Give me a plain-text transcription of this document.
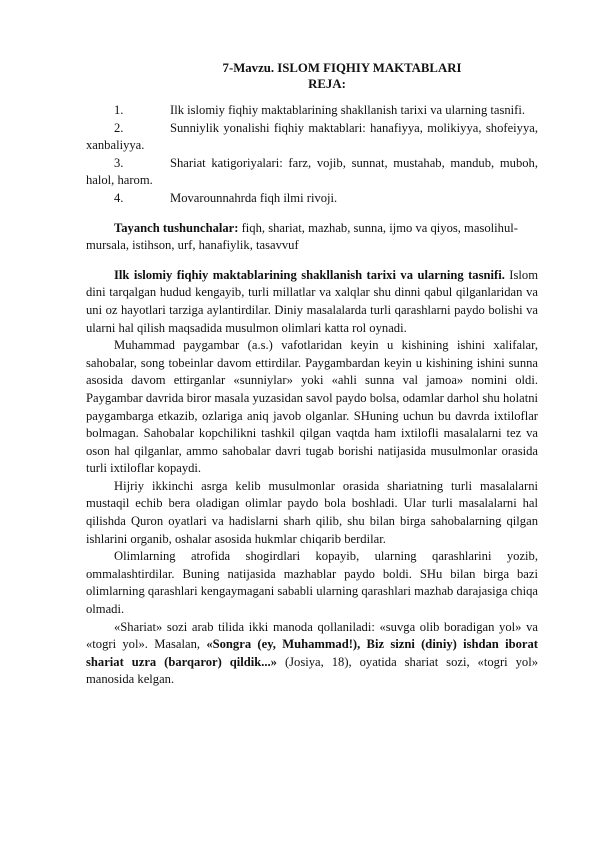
7-Mavzu. ISLOM FIQHIY MAKTABLARI
REJA:
1.	Ilk islomiy fiqhiy maktablarining shakllanish tarixi va ularning tasnifi.
2.	Sunniylik yonalishi fiqhiy maktablari: hanafiyya, molikiyya, shofeiyya, xanbaliyya.
3.	Shariat katigoriyalari: farz, vojib, sunnat, mustahab, mandub, muboh, halol, harom.
4.	Movarounnahrda fiqh ilmi rivoji.

Tayanch tushunchalar: fiqh, shariat, mazhab, sunna, ijmo va qiyos, masolihul-mursala, istihson, urf, hanafiylik, tasavvuf

Ilk islomiy fiqhiy maktablarining shakllanish tarixi va ularning tasnifi. Islom dini tarqalgan hudud kengayib, turli millatlar va xalqlar shu dinni qabul qilganlaridan va uni oz hayotlari tarziga aylantirdilar. Diniy masalalarda turli qarashlarni paydo bolishi va ularni hal qilish maqsadida musulmon olimlari katta rol oynadi.

Muhammad paygambar (a.s.) vafotlaridan keyin u kishining ishini xalifalar, sahobalar, song tobeinlar davom ettirdilar. Paygambardan keyin u kishining ishini sunna asosida davom ettirganlar «sunniylar» yoki «ahli sunna val jamoa» nomini oldi. Paygambar davrida biror masala yuzasidan savol paydo bolsa, odamlar darhol shu holatni paygambarga etkazib, ozlariga aniq javob olganlar. SHuning uchun bu davrda ixtiloflar bolmagan. Sahobalar kopchilikni tashkil qilgan vaqtda ham ixtilofli masalalarni tez va oson hal qilganlar, ammo sahobalar davri tugab borishi natijasida musulmonlar orasida turli ixtiloflar kopaydi.

Hijriy ikkinchi asrga kelib musulmonlar orasida shariatning turli masalalarni mustaqil echib bera oladigan olimlar paydo bola boshladi. Ular turli masalalarni hal qilishda Quron oyatlari va hadislarni sharh qilib, shu bilan birga sahobalarning qilgan ishlarini organib, oshalar asosida hukmlar chiqarib berdilar.

Olimlarning atrofida shogirdlari kopayib, ularning qarashlarini yozib, ommalashtirdilar. Buning natijasida mazhablar paydo boldi. SHu bilan birga bazi olimlarning qarashlari kengaymagani sababli ularning qarashlari mazhab darajasiga chiqa olmadi.

«Shariat» sozi arab tilida ikki manoda qollaniladi: «suvga olib boradigan yol» va «togri yol». Masalan, «Songra (ey, Muhammad!), Biz sizni (diniy) ishdan iborat shariat uzra (barqaror) qildik...» (Josiya, 18), oyatida shariat sozi, «togri yol» manosida kelgan.
